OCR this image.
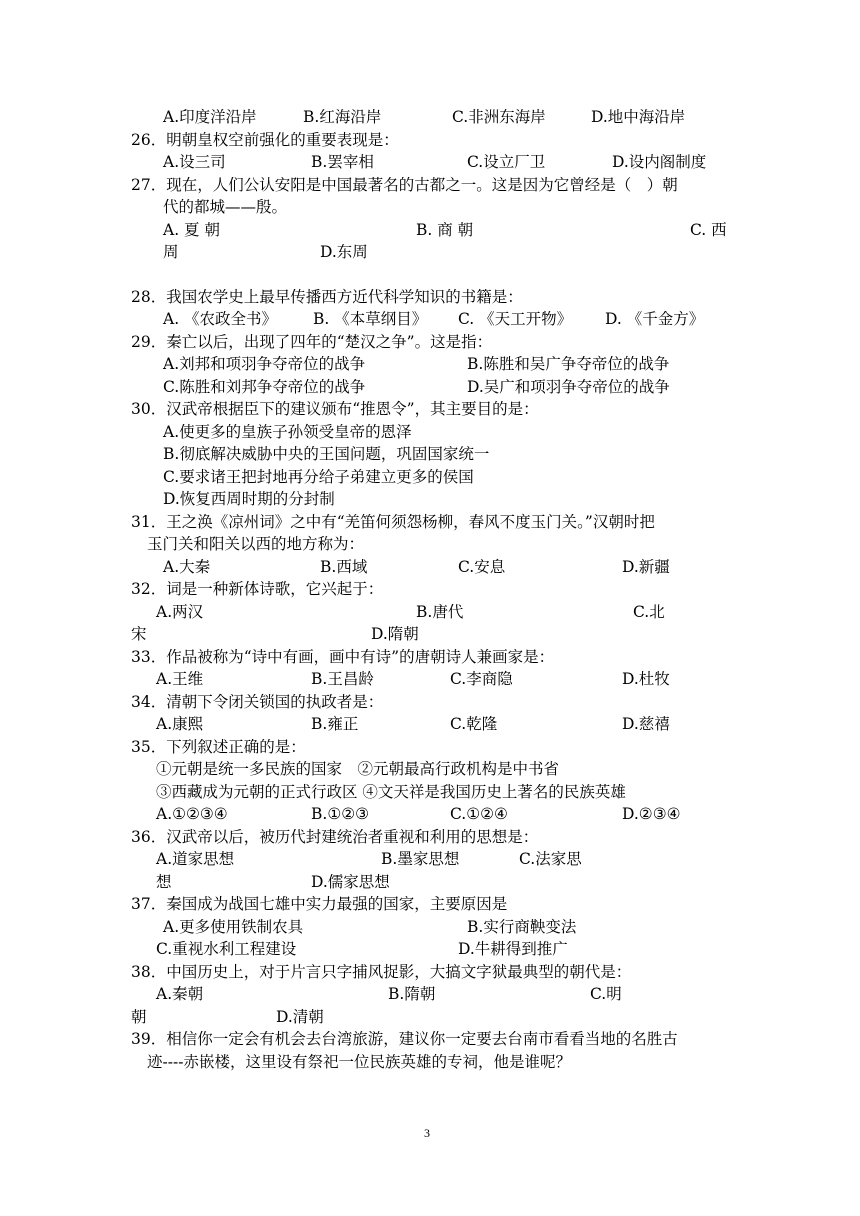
A.印度洋沿岸	B.红海沿岸	C.非洲东海岸	D.地中海沿岸
26．明朝皇权空前强化的重要表现是：
A.设三司	B.罢宰相	C.设立厂卫	D.设内阁制度
27．现在，人们公认安阳是中国最著名的古都之一。这是因为它曾经是（　）朝
代的都城——殷。
A. 夏 朝	B. 商 朝	C. 西
周	D.东周
28．我国农学史上最早传播西方近代科学知识的书籍是：
A. 《农政全书》 B. 《本草纲目》 C. 《天工开物》 D. 《千金方》
29．秦亡以后，出现了四年的“楚汉之争”。这是指：
A.刘邦和项羽争夺帝位的战争	B.陈胜和吴广争夺帝位的战争
C.陈胜和刘邦争夺帝位的战争	D.吴广和项羽争夺帝位的战争
30．汉武帝根据臣下的建议颁布“推恩令”，其主要目的是：
A.使更多的皇族子孙领受皇帝的恩泽
B.彻底解决威胁中央的王国问题，巩固国家统一
C.要求诸王把封地再分给子弟建立更多的侯国
D.恢复西周时期的分封制
31．王之涣《凉州词》之中有“羌笛何须怨杨柳，春风不度玉门关。”汉朝时把
玉门关和阳关以西的地方称为：
A.大秦	B.西域	C.安息	D.新疆
32．词是一种新体诗歌，它兴起于：
A.两汉	B.唐代	C.北
宋	D.隋朝
33．作品被称为“诗中有画，画中有诗”的唐朝诗人兼画家是：
A.王维	B.王昌龄	C.李商隐	D.杜牧
34．清朝下令闭关锁国的执政者是：
A.康熙	B.雍正	C.乾隆	D.慈禧
35．下列叙述正确的是：
①元朝是统一多民族的国家　②元朝最高行政机构是中书省
③西藏成为元朝的正式行政区 ④文天祥是我国历史上著名的民族英雄
A.①②③④	B.①②③	C.①②④	D.②③④
36．汉武帝以后，被历代封建统治者重视和利用的思想是：
A.道家思想	B.墨家思想	C.法家思
想	D.儒家思想
37．秦国成为战国七雄中实力最强的国家，主要原因是
A.更多使用铁制农具	B.实行商鞅变法
C.重视水利工程建设	D.牛耕得到推广
38．中国历史上，对于片言只字捕风捉影，大搞文字狱最典型的朝代是：
A.秦朝	B.隋朝	C.明
朝	D.清朝
39．相信你一定会有机会去台湾旅游，建议你一定要去台南市看看当地的名胜古
迹----赤嵌楼，这里设有祭祀一位民族英雄的专祠，他是谁呢？
3
